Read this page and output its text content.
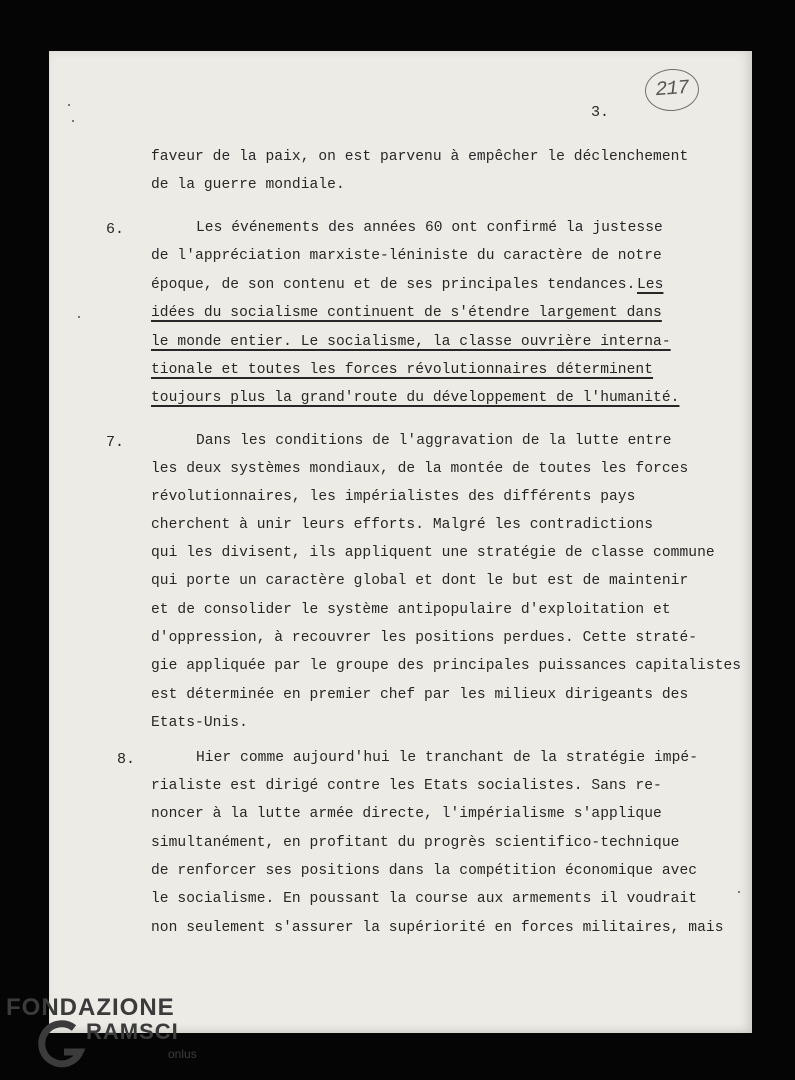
217
3.
faveur de la paix, on est parvenu à empêcher le déclenchement
de la guerre mondiale.
6.	Les événements des années 60 ont confirmé la justesse
de l'appréciation marxiste-léniniste du caractère de notre
époque, de son contenu et de ses principales tendances. Les
idées du socialisme continuent de s'étendre largement dans
le monde entier. Le socialisme, la classe ouvrière interna-
tionale et toutes les forces révolutionnaires déterminent
toujours plus la grand'route du développement de l'humanité.
7.	Dans les conditions de l'aggravation de la lutte entre
les deux systèmes mondiaux, de la montée de toutes les forces
révolutionnaires, les impérialistes des différents pays
cherchent à unir leurs efforts. Malgré les contradictions
qui les divisent, ils appliquent une stratégie de classe commune
qui porte un caractère global et dont le but est de maintenir
et de consolider le système antipopulaire d'exploitation et
d'oppression, à recouvrer les positions perdues. Cette straté-
gie appliquée par le groupe des principales puissances capitalistes
est déterminée en premier chef par les milieux dirigeants des
Etats-Unis.
8.	Hier comme aujourd'hui le tranchant de la stratégie impé-
rialiste est dirigé contre les Etats socialistes. Sans re-
noncer à la lutte armée directe, l'impérialisme s'applique
simultanément, en profitant du progrès scientifico-technique
de renforcer ses positions dans la compétition économique avec
le socialisme. En poussant la course aux armements il voudrait
non seulement s'assurer la supériorité en forces militaires, mais
FONDAZIONE
RAMSCI
onlus
